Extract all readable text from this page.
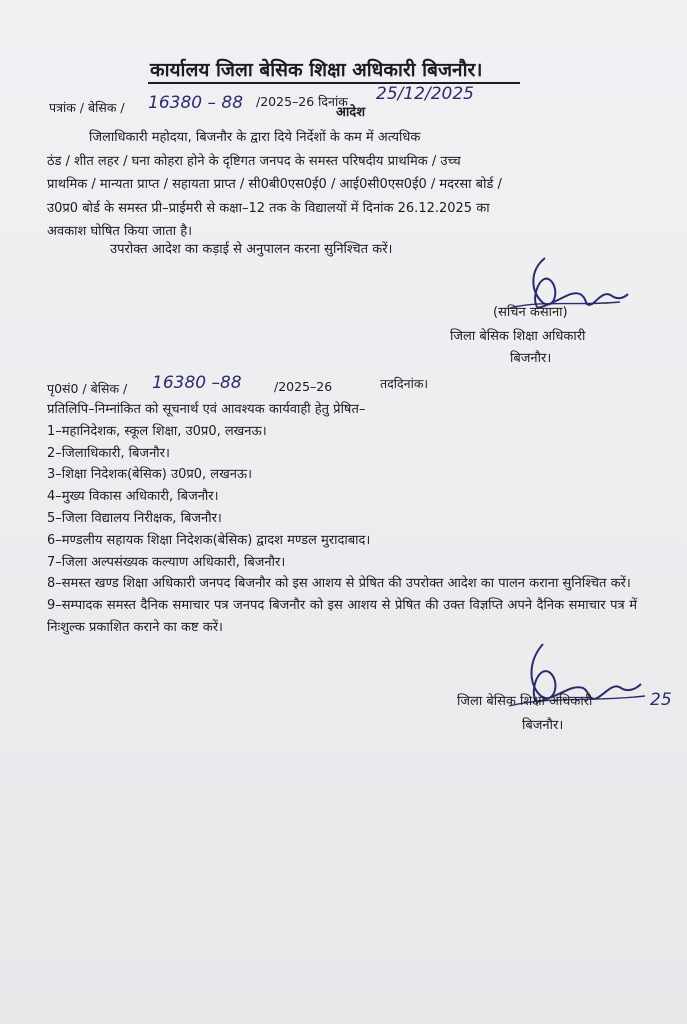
कार्यालय जिला बेसिक शिक्षा अधिकारी बिजनौर।
पत्रांक / बेसिक / 16380 – 88 /2025–26 दिनांक 25/12/2025
आदेश

जिलाधिकारी महोदया, बिजनौर के द्वारा दिये निर्देशों के कम में अत्यधिक

ठंड / शीत लहर / घना कोहरा होने के दृष्टिगत जनपद के समस्त परिषदीय प्राथमिक / उच्च

प्राथमिक / मान्यता प्राप्त / सहायता प्राप्त / सी0बी0एस0ई0 / आई0सी0एस0ई0 / मदरसा बोर्ड /

उ0प्र0 बोर्ड के समस्त प्री–प्राईमरी से कक्षा–12 तक के विद्यालयों में दिनांक 26.12.2025 का

अवकाश घोषित किया जाता है।

उपरोक्त आदेश का कड़ाई से अनुपालन करना सुनिश्चित करें।
(सचिन कसाना)
जिला बेसिक शिक्षा अधिकारी
बिजनौर।
पृ0सं0 / बेसिक / 16380 –88	/2025–26	तददिनांक।
प्रतिलिपि–निम्नांकित को सूचनार्थ एवं आवश्यक कार्यवाही हेतु प्रेषित–
1–महानिदेशक, स्कूल शिक्षा, उ0प्र0, लखनऊ।
2–जिलाधिकारी, बिजनौर।
3–शिक्षा निदेशक(बेसिक) उ0प्र0, लखनऊ।
4–मुख्य विकास अधिकारी, बिजनौर।
5–जिला विद्यालय निरीक्षक, बिजनौर।
6–मण्डलीय सहायक शिक्षा निदेशक(बेसिक) द्वादश मण्डल मुरादाबाद।
7–जिला अल्पसंख्यक कल्याण अधिकारी, बिजनौर।
8–समस्त खण्ड शिक्षा अधिकारी जनपद बिजनौर को इस आशय से प्रेषित की उपरोक्त आदेश का पालन कराना सुनिश्चित करें।
9–सम्पादक समस्त दैनिक समाचार पत्र जनपद बिजनौर को इस आशय से प्रेषित की उक्त विज्ञप्ति अपने दैनिक समाचार पत्र में निःशुल्क प्रकाशित कराने का कष्ट करें।
जिला बेसिक शिक्षा अधिकारी
बिजनौर।
25
